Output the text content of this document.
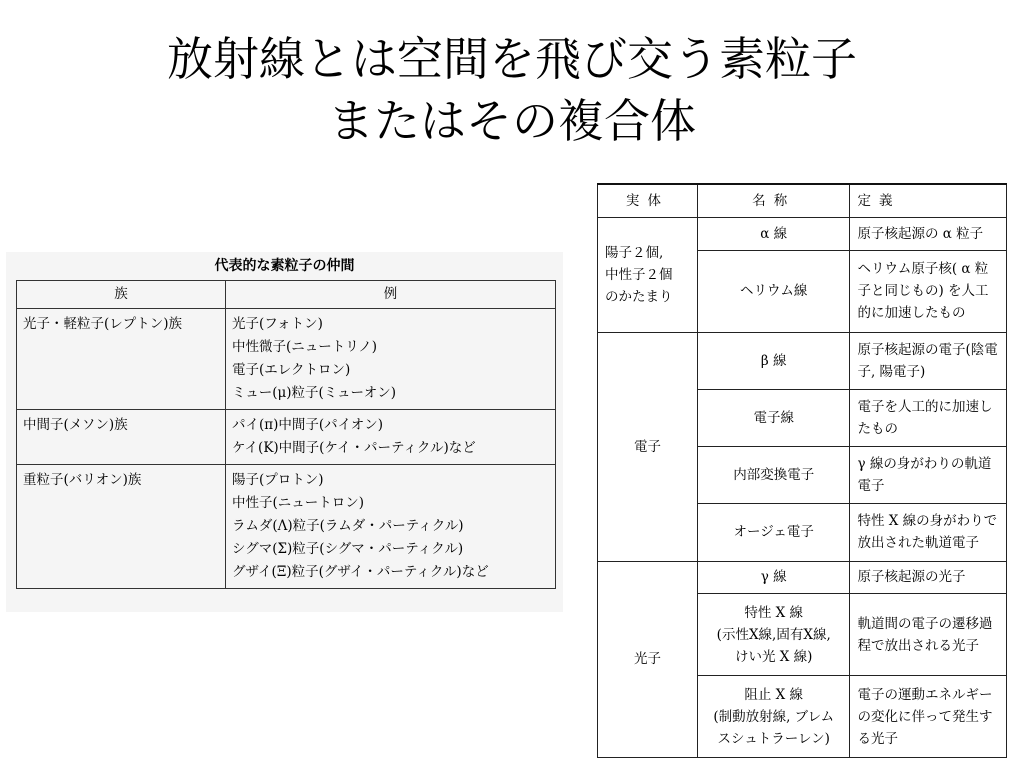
放射線とは空間を飛び交う素粒子
またはその複合体
代表的な素粒子の仲間
族	例
光子・軽粒子(レプトン)族	光子(フォトン)
中性微子(ニュートリノ)
電子(エレクトロン)
ミュー(μ)粒子(ミューオン)

中間子(メソン)族	パイ(π)中間子(パイオン)
ケイ(K)中間子(ケイ・パーティクル)など

重粒子(バリオン)族	陽子(プロトン)
中性子(ニュートロン)
ラムダ(Λ)粒子(ラムダ・パーティクル)
シグマ(Σ)粒子(シグマ・パーティクル)
グザイ(Ξ)粒子(グザイ・パーティクル)など
実体	名称	定義

陽子２個,
中性子２個
のかたまり	α 線	原子核起源の α 粒子

	ヘリウム線	ヘリウム原子核( α 粒子と同じもの) を人工的に加速したもの

電子	β 線	原子核起源の電子(陰電子, 陽電子)

	電子線	電子を人工的に加速したもの

	内部変換電子	γ 線の身がわりの軌道電子

	オージェ電子	特性 X 線の身がわりで放出された軌道電子

光子	γ 線	原子核起源の光子

	特性 X 線
(示性X線,固有X線,
けい光 X 線)	軌道間の電子の遷移過程で放出される光子

	阻止 X 線
(制動放射線, ブレム
スシュトラーレン)	電子の運動エネルギーの変化に伴って発生する光子
